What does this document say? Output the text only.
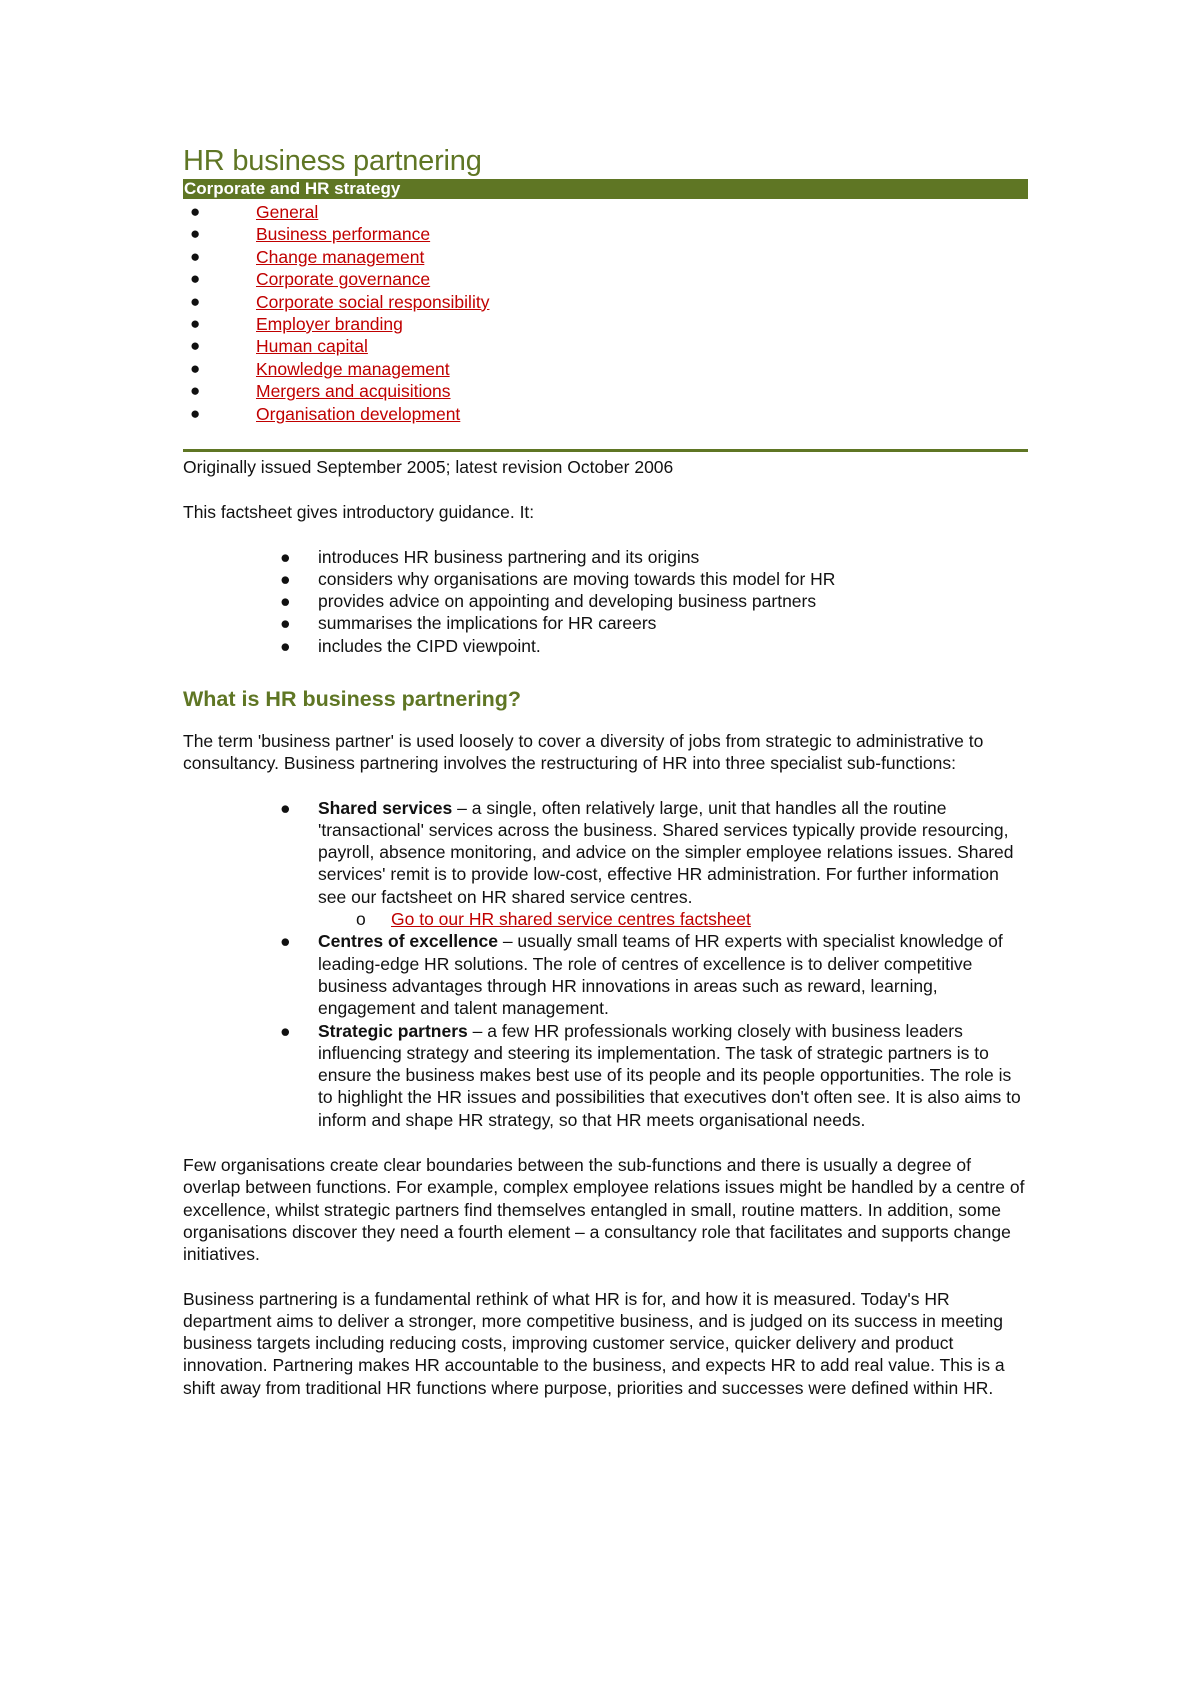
HR business partnering
Corporate and HR strategy
●	General
●	Business performance
●	Change management
●	Corporate governance
●	Corporate social responsibility
●	Employer branding
●	Human capital
●	Knowledge management
●	Mergers and acquisitions
●	Organisation development

Originally issued September 2005; latest revision October 2006

This factsheet gives introductory guidance. It:

● introduces HR business partnering and its origins
● considers why organisations are moving towards this model for HR
● provides advice on appointing and developing business partners
● summarises the implications for HR careers
● includes the CIPD viewpoint.
What is HR business partnering?

The term 'business partner' is used loosely to cover a diversity of jobs from strategic to administrative to consultancy. Business partnering involves the restructuring of HR into three specialist sub-functions:

● Shared services – a single, often relatively large, unit that handles all the routine 'transactional' services across the business. Shared services typically provide resourcing, payroll, absence monitoring, and advice on the simpler employee relations issues. Shared services' remit is to provide low-cost, effective HR administration. For further information see our factsheet on HR shared service centres.
o Go to our HR shared service centres factsheet
● Centres of excellence – usually small teams of HR experts with specialist knowledge of leading-edge HR solutions. The role of centres of excellence is to deliver competitive business advantages through HR innovations in areas such as reward, learning, engagement and talent management.
● Strategic partners – a few HR professionals working closely with business leaders influencing strategy and steering its implementation. The task of strategic partners is to ensure the business makes best use of its people and its people opportunities. The role is to highlight the HR issues and possibilities that executives don't often see. It is also aims to inform and shape HR strategy, so that HR meets organisational needs.

Few organisations create clear boundaries between the sub-functions and there is usually a degree of overlap between functions. For example, complex employee relations issues might be handled by a centre of excellence, whilst strategic partners find themselves entangled in small, routine matters. In addition, some organisations discover they need a fourth element – a consultancy role that facilitates and supports change initiatives.

Business partnering is a fundamental rethink of what HR is for, and how it is measured. Today's HR department aims to deliver a stronger, more competitive business, and is judged on its success in meeting business targets including reducing costs, improving customer service, quicker delivery and product innovation. Partnering makes HR accountable to the business, and expects HR to add real value. This is a shift away from traditional HR functions where purpose, priorities and successes were defined within HR.
